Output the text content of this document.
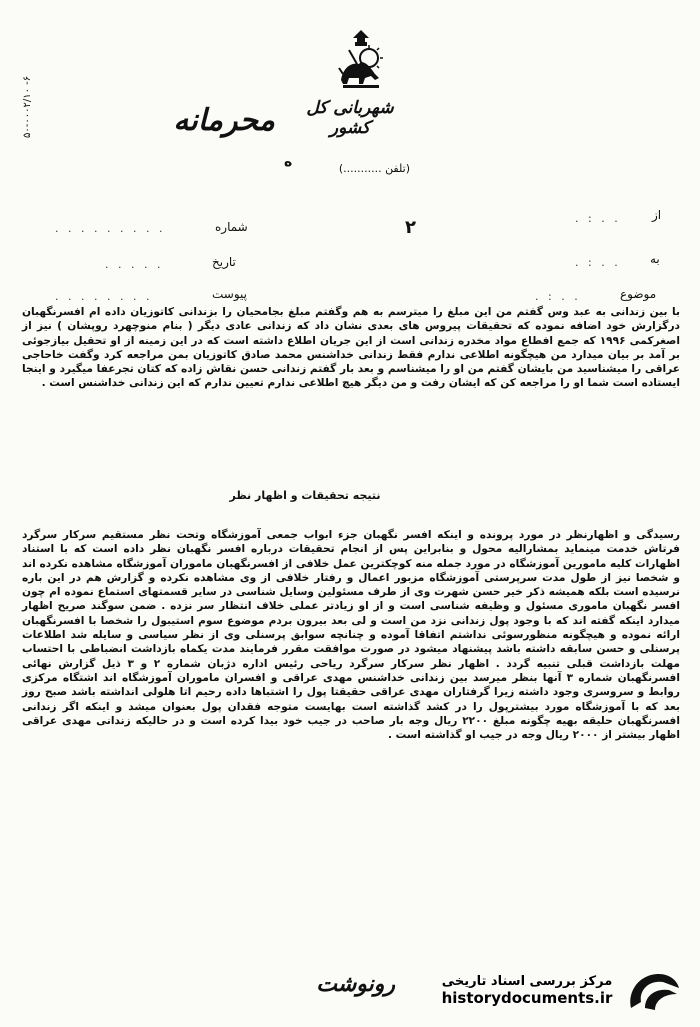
۵۰-۰۰۰۲/۱۰ -۶	شهربانی کل کشور
محرمانه
ه	(تلفن ...........)
از
. : . .
به
. : . .
موضوع
. : . .
شماره
. . . . . . . . .
تاریخ
. . . . .
پیوست
. . . . . . . .
۲
با بین زندانی به عبد وس گفتم من این مبلغ را میترسم به هم وگفتم مبلغ بجامحیان را بزندانی کاتوزیان داده ام افسرنگهبان درگزارش خود اضافه نموده که تحقیقات پیروس های بعدی نشان داد که زندانی عادی دیگر ( بنام منوچهرد روپشان ) نیز از اصغرکمی ۱۹۹۶ که جمع افطاع مواد مخدره زندانی است از این جریان اطلاع داشته است که در این زمینه از او تحقیل بیازجوئی بر آمد بر بیان میدارد من هیچگونه اطلاعی ندارم فقط زندانی خداشنس محمد صادق کاتوزیان بمن مراجعه کرد وگفت خاحاجی عراقی را میشناسید من بایشان گفتم من او را میشناسم و بعد بار گفتم زندانی حسن نقاش زاده که کتان تجرعفا میگیرد و اینجا ایستاده است شما او را مراجعه کن که ایشان رفت و من دیگر هیچ اطلاعی ندارم تعیین ندارم که این زندانی خداشنس است .
نتیجه تحقیقات و اظهار نظر
رسیدگی و اظهارنظر در مورد پرونده و اینکه افسر نگهبان جزء ابواب جمعی آموزشگاه وتحت نظر مستقیم سرکار سرگرد فرتاش خدمت مینماید بمشارالیه محول و بنابراین پس از انجام تحقیقات درباره افسر نگهبان نظر داده است که با استناد اظهارات کلیه مامورین آموزشگاه در مورد جمله منه کوچکترین عمل خلافی از افسرنگهبان ماموران آموزشگاه مشاهده نکرده اند و شخصا نیز از طول مدت سرپرستی آموزشگاه مزبور اعمال و رفتار خلافی از وی مشاهده نکرده و گزارش هم در این باره نرسیده است بلکه همیشه ذکر خیر حسن شهرت وی از طرف مسئولین وسایل شناسی در سایر قسمتهای استماع نموده ام چون افسر نگهبان ماموری مسئول و وظیفه شناسی است و از او زیادتر عملی خلاف انتظار سر نزده . ضمن سوگند صریح اظهار میدارد اینکه گفته اند که با وجود پول زندانی نزد من است و لی بعد بیرون بردم موضوع سوم استیبول را شخصا با افسرنگهبان ارائه نموده و هیچگونه منظورسوئی نداشتم اتفاقا آموده و چنانچه سوابق پرسنلی وی از نظر سیاسی و سایله شد اطلاعات پرسنلی و حسن سابقه داشته باشد پیشنهاد میشود در صورت موافقت مقرر فرمایند مدت یکماه بازداشت انضباطی با احتساب مهلت بازداشت قبلی تنبیه گردد . اظهار نظر سرکار سرگرد ریاحی رئیس اداره دژبان شماره ۲ و ۳ ذیل گزارش نهائی افسرنگهبان شماره ۳ آنها بنظر میرسد بین زندانی خداشنس مهدی عراقی و افسران ماموران آموزشگاه اند اشتگاه مرکزی روابط و سروسری وجود داشته زیرا گرفتاران مهدی عراقی حقیقتا پول را اشتباها داده رحیم اتا هلولی انداشته باشد صبح روز بعد که با آموزشگاه مورد بیشترپول را در کشد گذاشته است بهایست متوجه فقدان پول بعنوان میشد و اینکه اگر زندانی افسرنگهبان حلیقه بهیه چگونه مبلغ ۲۲۰۰ ریال وجه بار صاحب در جیب خود بیدا کرده است و در حالیکه زندانی مهدی عراقی اظهار بیشتر از ۲۰۰۰ ریال وجه در جیب او گذاشته است .
رونوشت	مرکز بررسی اسناد تاریخی
historydocuments.ir
